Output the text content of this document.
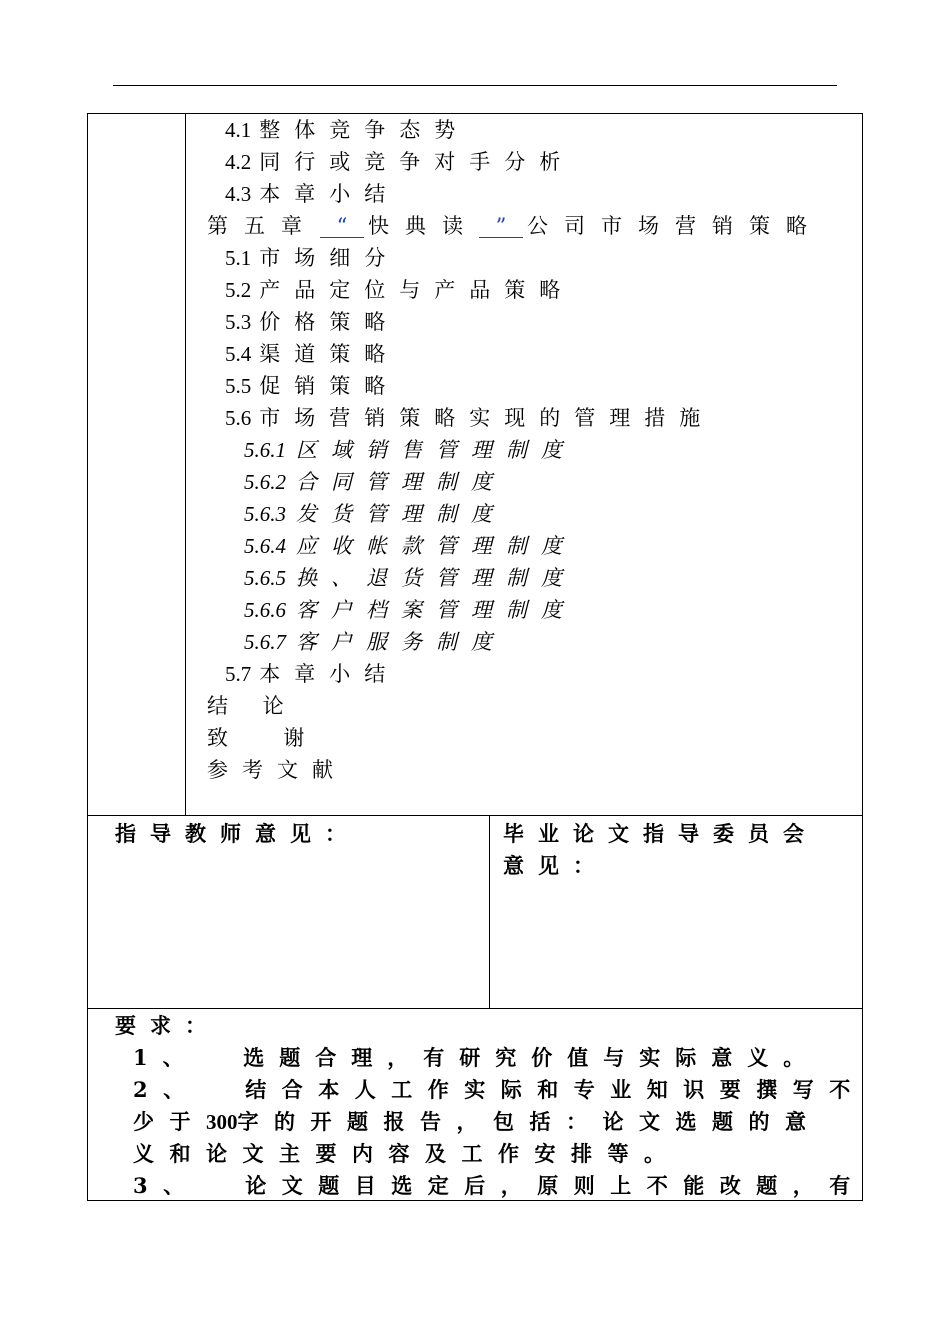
4.1 整体竞争态势
4.2 同行或竞争对手分析
4.3 本章小结
第五章 “ 快典读 ” 公司市场营销策略
5.1 市场细分
5.2 产品定位与产品策略
5.3 价格策略
5.4 渠道策略
5.5 促销策略
5.6 市场营销策略实现的管理措施
5.6.1 区域销售管理制度
5.6.2 合同管理制度
5.6.3 发货管理制度
5.6.4 应收帐款管理制度
5.6.5 换、退货管理制度
5.6.6 客户档案管理制度
5.6.7 客户服务制度
5.7 本章小结
结 论
致  谢
参考文献
指导教师意见：	毕业论文指导委员会
意见：
要求：
1、  选题合理，有研究价值与实际意义。
2、  结合本人工作实际和专业知识要撰写不
少于300字的开题报告，包括：论文选题的意
义和论文主要内容及工作安排等。
3、  论文题目选定后，原则上不能改题，有
